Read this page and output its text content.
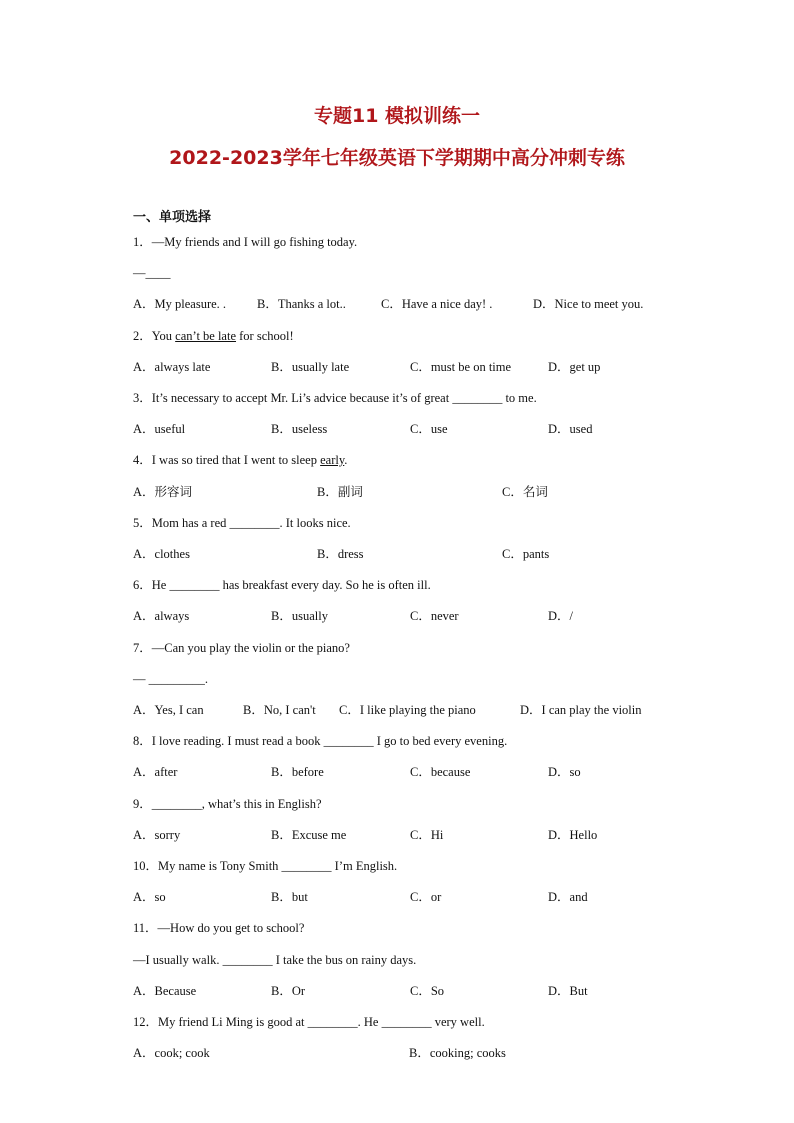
专题11 模拟训练一
2022-2023学年七年级英语下学期期中高分冲刺专练
一、单项选择
1．—My friends and I will go fishing today.
—____
A．My pleasure. . B．Thanks a lot..	C．Have a nice day! .	D．Nice to meet you.
2．You can’t be late for school!
A．always late	B．usually late	C．must be on time	D．get up
3．It’s necessary to accept Mr. Li’s advice because it’s of great ________ to me.
A．useful	B．useless	C．use	D．used
4．I was so tired that I went to sleep early.
A．形容词	B．副词	C．名词
5．Mom has a red ________. It looks nice.
A．clothes	B．dress	C．pants
6．He ________ has breakfast every day. So he is often ill.
A．always	B．usually	C．never	D．/
7．—Can you play the violin or the piano?
— _________.
A．Yes, I can	B．No, I can't C．I like playing the piano	D．I can play the violin
8．I love reading. I must read a book ________ I go to bed every evening.
A．after	B．before	C．because	D．so
9．________, what’s this in English?
A．sorry	B．Excuse me	C．Hi	D．Hello
10．My name is Tony Smith ________ I’m English.
A．so	B．but	C．or	D．and
11．—How do you get to school?
—I usually walk. ________ I take the bus on rainy days.
A．Because	B．Or	C．So	D．But
12．My friend Li Ming is good at ________. He ________ very well.
A．cook; cook	B．cooking; cooks
